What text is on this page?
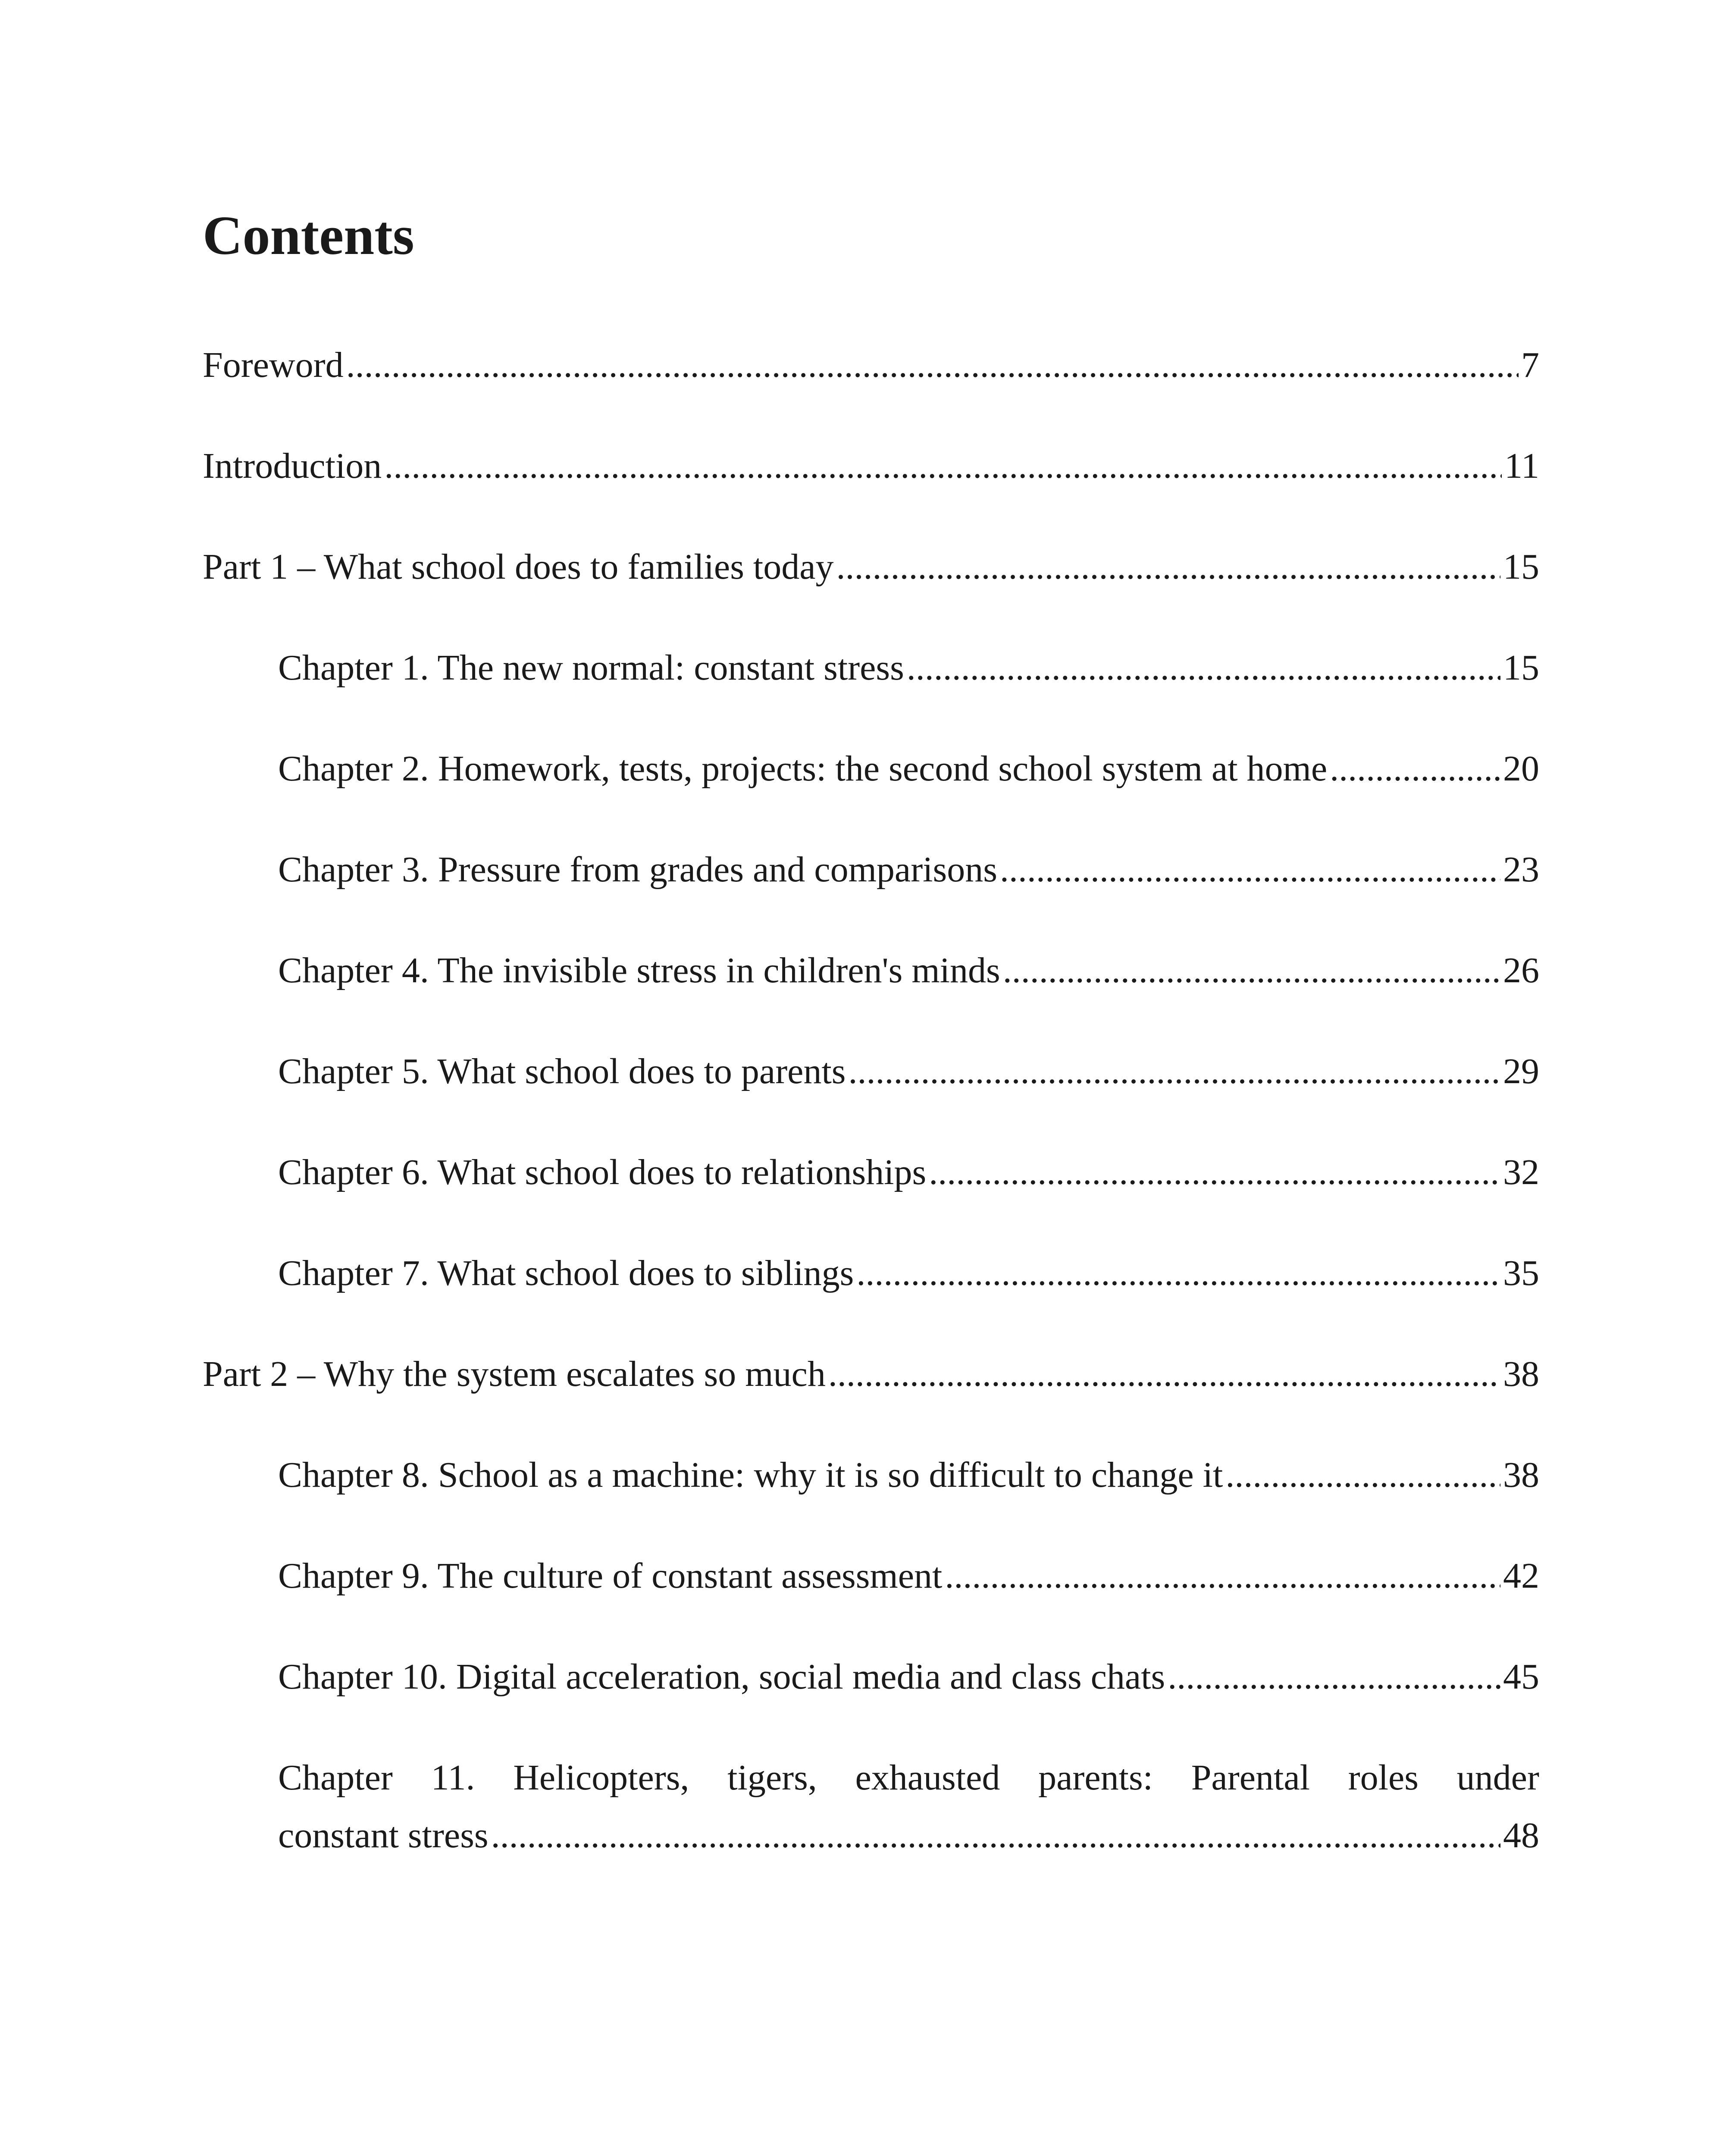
Contents
Foreword .....	7
Introduction .....	11
Part 1 – What school does to families today .....	15
Chapter 1. The new normal: constant stress .....	15
Chapter 2. Homework, tests, projects: the second school system at home .....	20
Chapter 3. Pressure from grades and comparisons .....	23
Chapter 4. The invisible stress in children's minds .....	26
Chapter 5. What school does to parents .....	29
Chapter 6. What school does to relationships .....	32
Chapter 7. What school does to siblings .....	35
Part 2 – Why the system escalates so much .....	38
Chapter 8. School as a machine: why it is so difficult to change it .....	38
Chapter 9. The culture of constant assessment .....	42
Chapter 10. Digital acceleration, social media and class chats .....	45
Chapter 11. Helicopters, tigers, exhausted parents: Parental roles under
constant stress .....	48
